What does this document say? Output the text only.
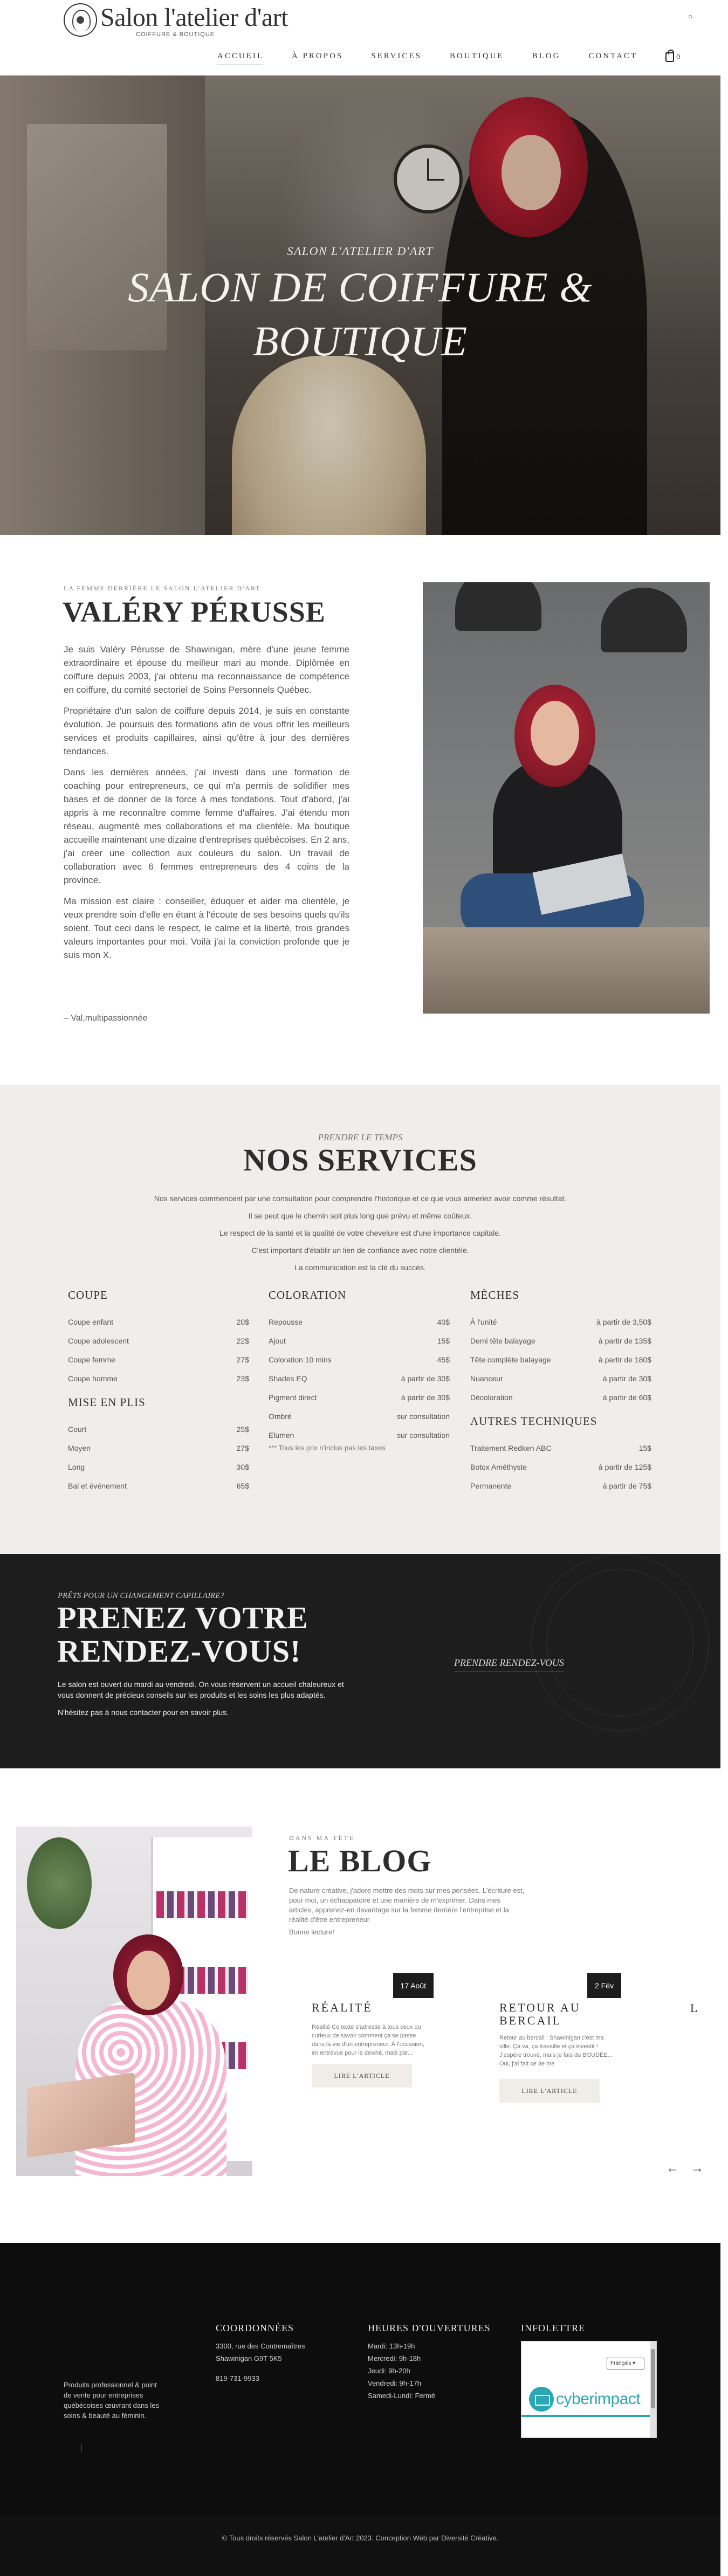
Salon l'atelier d'art
COIFFURE & BOUTIQUE
○
ACCUEIL	À PROPOS	SERVICES	BOUTIQUE	BLOG	CONTACT	0
SALON L'ATELIER D'ART
SALON DE COIFFURE &
BOUTIQUE
LA FEMME DERRIÈRE LE SALON L'ATELIER D'ART
VALÉRY PÉRUSSE

Je suis Valéry Pérusse de Shawinigan, mère d'une jeune femme extraordinaire et épouse du meilleur mari au monde. Diplômée en coiffure depuis 2003, j'ai obtenu ma reconnaissance de compétence en coiffure, du comité sectoriel de Soins Personnels Québec.

Propriétaire d'un salon de coiffure depuis 2014, je suis en constante évolution. Je poursuis des formations afin de vous offrir les meilleurs services et produits capillaires, ainsi qu'être à jour des dernières tendances.

Dans les dernières années, j'ai investi dans une formation de coaching pour entrepreneurs, ce qui m'a permis de solidifier mes bases et de donner de la force à mes fondations. Tout d'abord, j'ai appris à me reconnaître comme femme d'affaires. J'ai étendu mon réseau, augmenté mes collaborations et ma clientèle. Ma boutique accueille maintenant une dizaine d'entreprises québécoises. En 2 ans, j'ai créer une collection aux couleurs du salon. Un travail de collaboration avec 6 femmes entrepreneurs des 4 coins de la province.

Ma mission est claire : conseiller, éduquer et aider ma clientèle, je veux prendre soin d'elle en étant à l'écoute de ses besoins quels qu'ils soient. Tout ceci dans le respect, le calme et la liberté, trois grandes valeurs importantes pour moi. Voilà j'ai la conviction profonde que je suis mon X.

– Val,multipassionnée
PRENDRE LE TEMPS
NOS SERVICES
Nos services commencent par une consultation pour comprendre l'historique et ce que vous aimeriez avoir comme résultat.
Il se peut que le chemin soit plus long que prévu et même coûteux.
Le respect de la santé et la qualité de votre chevelure est d'une importance capitale.
C'est important d'établir un lien de confiance avec notre clientèle.
La communication est la clé du succès.
COUPE
Coupe enfant	20$
Coupe adolescent	22$
Coupe femme	27$
Coupe homme	23$
MISE EN PLIS
Court	25$
Moyen	27$
Long	30$
Bal et événement	65$
COLORATION
Repousse	40$
Ajout	15$
Coloration 10 mins	45$
Shades EQ	à partir de 30$
Pigment direct	à partir de 30$
Ombré	sur consultation
Elumen	sur consultation
*** Tous les prix n'inclus pas les taxes
MÈCHES
À l'unité	à partir de 3,50$
Demi tête balayage	à partir de 135$
Tête complète balayage	à partir de 180$
Nuanceur	à partir de 30$
Décoloration	à partir de 60$
AUTRES TECHNIQUES
Traitement Redken ABC	15$
Botox Améthyste	à partir de 125$
Permanente	à partir de 75$
PRÊTS POUR UN CHANGEMENT CAPILLAIRE?
PRENEZ VOTRE RENDEZ-VOUS!

Le salon est ouvert du mardi au vendredi. On vous réservent un accueil chaleureux et vous donnent de précieux conseils sur les produits et les soins les plus adaptés.

N'hésitez pas à nous contacter pour en savoir plus.

PRENDRE RENDEZ-VOUS
DANS MA TÊTE
LE BLOG

De nature créative, j'adore mettre des mots sur mes pensées. L'écriture est, pour moi, un échappatoire et une manière de m'exprimer. Dans mes articles, apprenez-en davantage sur la femme derrière l'entreprise et la réalité d'être entrepreneur.

Bonne lecture!

17 Août
RÉALITÉ

Réalité Ce texte s'adresse à tous ceux ou curieux de savoir comment ça se passe dans la vie d'un entrepreneur. À l'occasion, en entrevue pour le dewhé, mais par...

LIRE L'ARTICLE
2 Fév
RETOUR AU BERCAIL

Retour au bercail : Shawinigan c'est ma ville. Ça va, ça travaille et ça investit ! J'espère trouvé, mais je fais du BOUDÉE... Oui, j'ai fait ce 3e me

LIRE L'ARTICLE
L
← →

Produits professionnel & point de vente pour entreprises québécoises œuvrant dans les soins & beauté au féminin.

COORDONNÉES
3300, rue des Contremaîtres
Shawinigan G9T 5K5
819-731-9933
HEURES D'OUVERTURES
Mardi: 13h-19h
Mercredi: 9h-18h
Jeudi: 9h-20h
Vendredi: 9h-17h
Samedi-Lundi: Fermé
INFOLETTRE
Français ▾
cyberimpact
© Tous droits réservés Salon L'atelier d'Art 2023. Conception Web par Diversité Créative.
